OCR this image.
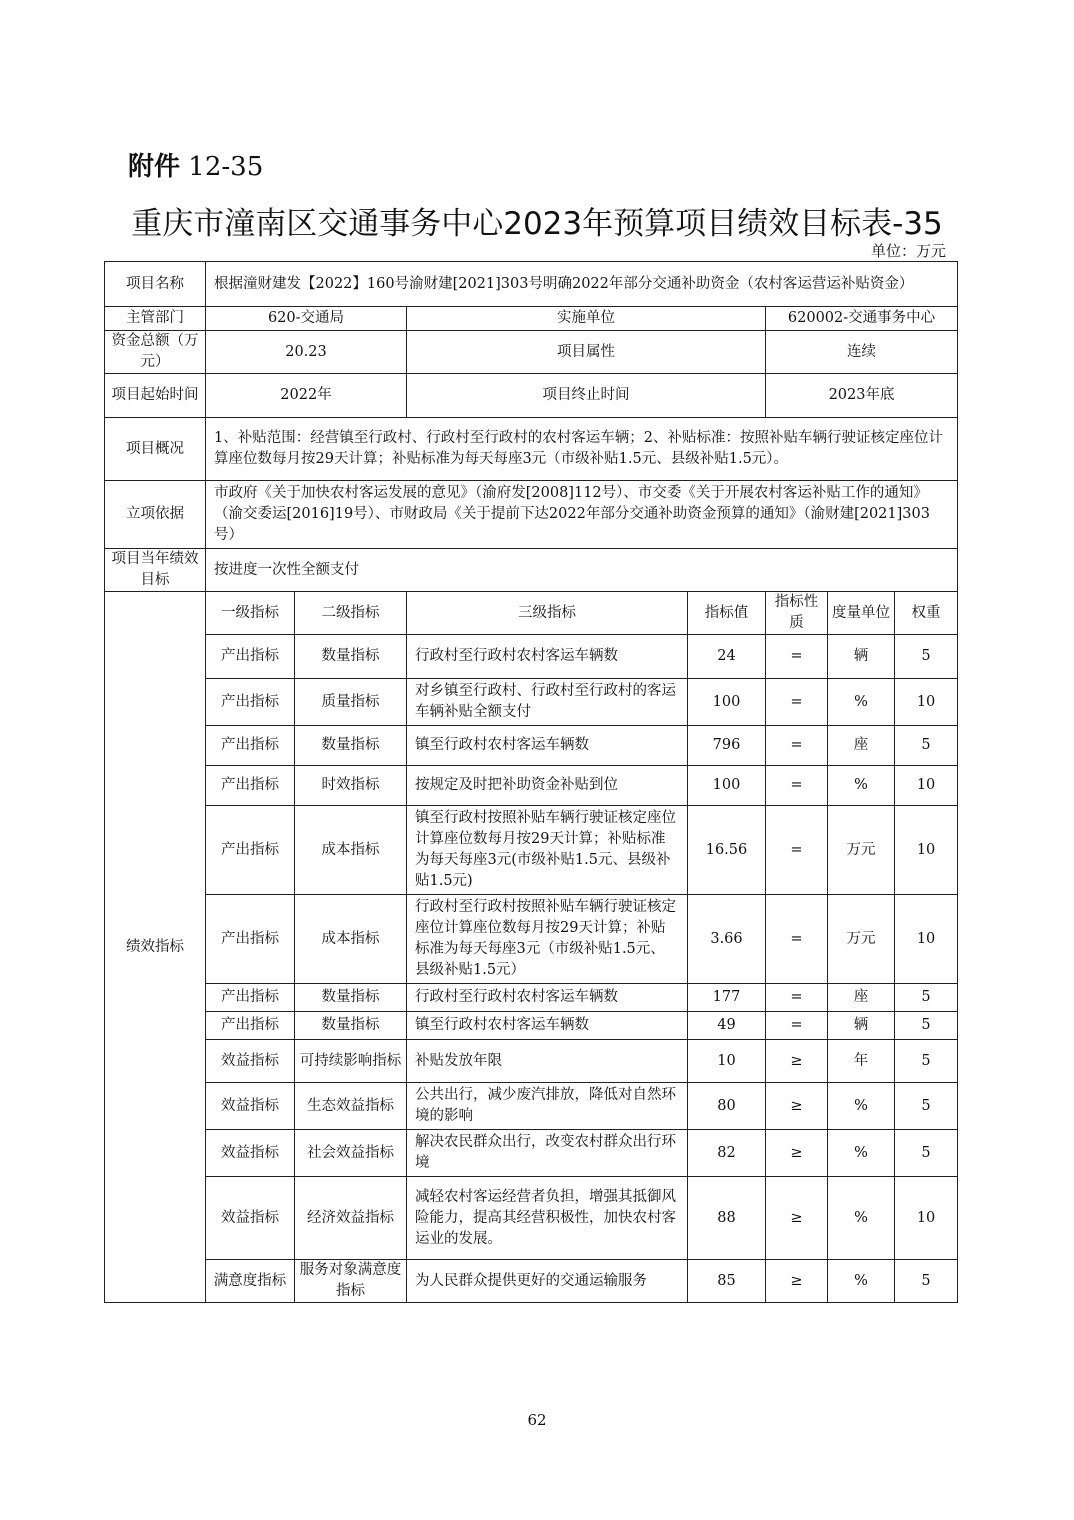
附件 12-35
重庆市潼南区交通事务中心2023年预算项目绩效目标表-35
单位：万元
项目名称	根据潼财建发【2022】160号渝财建[2021]303号明确2022年部分交通补助资金（农村客运营运补贴资金）						
主管部门	620-交通局		实施单位		620002-交通事务中心		
资金总额（万元）	20.23		项目属性		连续		
项目起始时间	2022年		项目终止时间		2023年底		
项目概况	1、补贴范围：经营镇至行政村、行政村至行政村的农村客运车辆；2、补贴标准：按照补贴车辆行驶证核定座位计算座位数每月按29天计算；补贴标准为每天每座3元（市级补贴1.5元、县级补贴1.5元）。						
立项依据	市政府《关于加快农村客运发展的意见》（渝府发[2008]112号）、市交委《关于开展农村客运补贴工作的通知》（渝交委运[2016]19号）、市财政局《关于提前下达2022年部分交通补助资金预算的通知》（渝财建[2021]303号）						
项目当年绩效目标	按进度一次性全额支付						
绩效指标	一级指标	二级指标	三级指标	指标值	指标性质	度量单位	权重
	产出指标	数量指标	行政村至行政村农村客运车辆数	24	=	辆	5
	产出指标	质量指标	对乡镇至行政村、行政村至行政村的客运车辆补贴全额支付	100	=	%	10
	产出指标	数量指标	镇至行政村农村客运车辆数	796	=	座	5
	产出指标	时效指标	按规定及时把补助资金补贴到位	100	=	%	10
	产出指标	成本指标	镇至行政村按照补贴车辆行驶证核定座位计算座位数每月按29天计算；补贴标准为每天每座3元(市级补贴1.5元、县级补贴1.5元)	16.56	=	万元	10
	产出指标	成本指标	行政村至行政村按照补贴车辆行驶证核定座位计算座位数每月按29天计算；补贴标准为每天每座3元（市级补贴1.5元、县级补贴1.5元）	3.66	=	万元	10
	产出指标	数量指标	行政村至行政村农村客运车辆数	177	=	座	5
	产出指标	数量指标	镇至行政村农村客运车辆数	49	=	辆	5
	效益指标	可持续影响指标	补贴发放年限	10	≥	年	5
	效益指标	生态效益指标	公共出行，减少废汽排放，降低对自然环境的影响	80	≥	%	5
	效益指标	社会效益指标	解决农民群众出行，改变农村群众出行环境	82	≥	%	5
	效益指标	经济效益指标	减轻农村客运经营者负担，增强其抵御风险能力，提高其经营积极性，加快农村客运业的发展。	88	≥	%	10
	满意度指标	服务对象满意度指标	为人民群众提供更好的交通运输服务	85	≥	%	5
62
